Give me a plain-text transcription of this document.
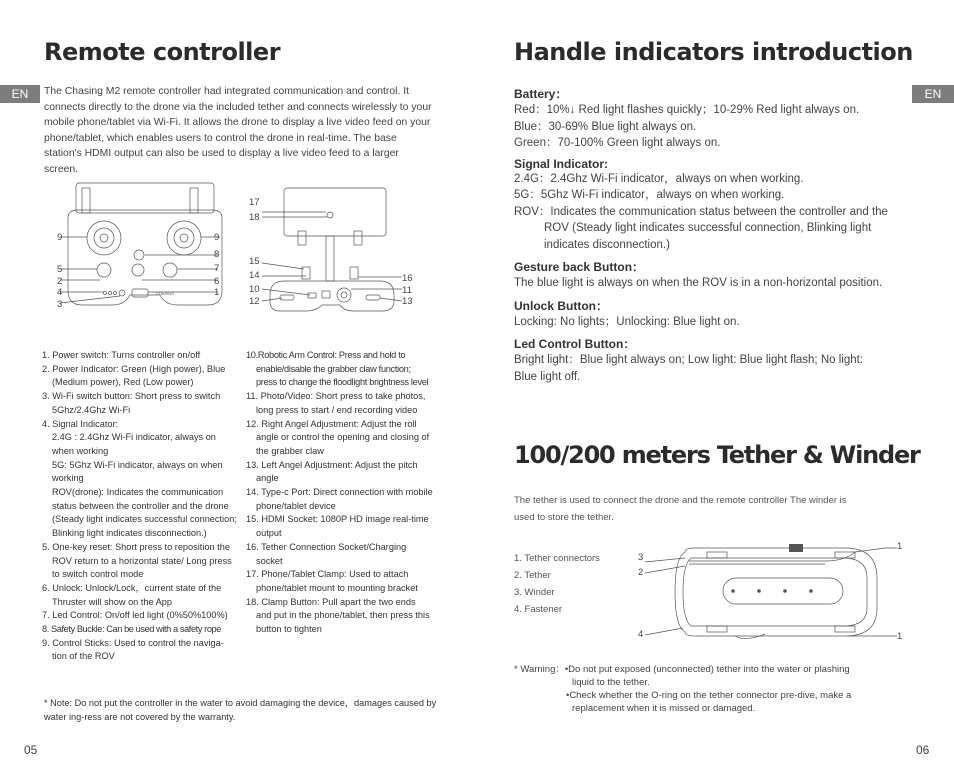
EN
Remote controller
The Chasing M2 remote controller had integrated communication and control. It connects directly to the drone via the included tether and connects wirelessly to your mobile phone/tablet via Wi-Fi. It allows the drone to display a live video feed on your phone/tablet, which enables users to control the drone in real-time. The base station's HDMI output can also be used to display a live video feed to a larger screen.
CHASING
9	9
8
5	7
2	6
4	1
3
17
18
15
14	16
10	11
12	13
1. Power switch: Turns controller on/off
2. Power Indicator: Green (High power), Blue (Medium power), Red (Low power)
3. Wi-Fi switch button: Short press to switch 5Ghz/2.4Ghz Wi-Fi
4. Signal Indicator:
2.4G : 2.4Ghz Wi-Fi indicator, always on when working
5G: 5Ghz Wi-Fi indicator, always on when working
ROV(drone): Indicates the communication status between the controller and the drone (Steady light indicates successful connection; Blinking light indicates disconnection.)
5. One-key reset: Short press to reposition the ROV return to a horizontal state/ Long press to switch control mode
6. Unlock: Unlock/Lock，current state of the Thruster will show on the App
7. Led Control: On/off led light (0%50%100%)
8. Safety Buckle: Can be used with a safety rope
9. Control Sticks: Used to control the naviga-tion of the ROV
10.Robotic Arm Control: Press and hold to enable/disable the grabber claw function; press to change the floodlight brightness level
11. Photo/Video: Short press to take photos, long press to start / end recording video
12. Right Angel Adjustment: Adjust the roll angle or control the opening and closing of the grabber claw
13. Left Angel Adjustment: Adjust the pitch angle
14. Type-c Port: Direct connection with mobile phone/tablet device
15. HDMI Socket: 1080P HD image real-time output
16. Tether Connection Socket/Charging socket
17. Phone/Tablet Clamp: Used to attach phone/tablet mount to mounting bracket
18. Clamp Button: Pull apart the two ends and put in the phone/tablet, then press this button to tighten
* Note: Do not put the controller in the water to avoid damaging the device，damages caused by water ing-ress are not covered by the warranty.
05
Handle indicators introduction
EN
Battery：
Red：10%↓ Red light flashes quickly；10-29% Red light always on.
Blue：30-69% Blue light always on.
Green：70-100% Green light always on.
Signal Indicator:
2.4G：2.4Ghz Wi-Fi indicator，always on when working.
5G：5Ghz Wi-Fi indicator，always on when working.
ROV：Indicates the communication status between the controller and the
ROV (Steady light indicates successful connection, Blinking light
indicates disconnection.)
Gesture back Button：
The blue light is always on when the ROV is in a non-horizontal position.
Unlock Button：
Locking: No lights；Unlocking: Blue light on.
Led Control Button：
Bright light：Blue light always on; Low light: Blue light flash; No light:
Blue light off.
100/200 meters Tether & Winder
The tether is used to connect the drone and the remote controller The winder is
used to store the tether.
1. Tether connectors
2. Tether
3. Winder
4. Fastener
3
2
4
1
1
* Warning：•Do not put exposed (unconnected) tether into the water or plashing
liquid to the tether.
•Check whether the O-ring on the tether connector pre-dive, make a
replacement when it is missed or damaged.
06
